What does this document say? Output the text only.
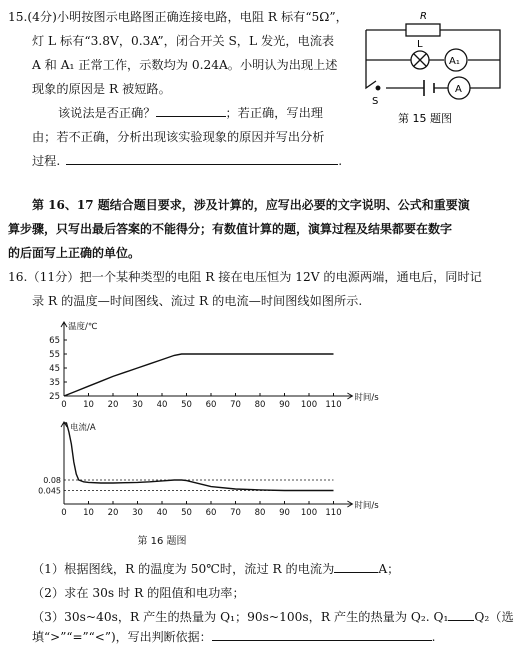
15.(4分)小明按图示电路图正确连接电路，电阻 R 标有“5Ω”，
灯 L 标有“3.8V，0.3A”，闭合开关 S，L 发光，电流表
A 和 A₁ 正常工作，示数均为 0.24A。小明认为出现上述
现象的原因是 R 被短路。
该说法是否正确？	；若正确，写出理
由；若不正确，分析出现该实验现象的原因并写出分析
过程.	.
R
L
A₁
A
S
第 15 题图
第 16、17 题结合题目要求，涉及计算的，应写出必要的文字说明、公式和重要演
算步骤，只写出最后答案的不能得分；有数值计算的题，演算过程及结果都要在数字
的后面写上正确的单位。
16.（11分）把一个某种类型的电阻 R 接在电压恒为 12V 的电源两端，通电后，同时记
录 R 的温度—时间图线、流过 R 的电流—时间图线如图所示.
0 10 20 30 40 50 60 70 80 90 100 110
25
35
45
55
65
温度/℃
时间/s
0 10 20 30 40 50 60 70 80 90 100 110
0.045
0.08
电流/A
时间/s
第 16 题图
（1）根据图线，R 的温度为 50℃时，流过 R 的电流为	A；
（2）求在 30s 时 R 的阻值和电功率；
（3）30s~40s，R 产生的热量为 Q₁；90s~100s，R 产生的热量为 Q₂. Q₁ Q₂（选
填“>”“=”“<”)，写出判断依据：	.
